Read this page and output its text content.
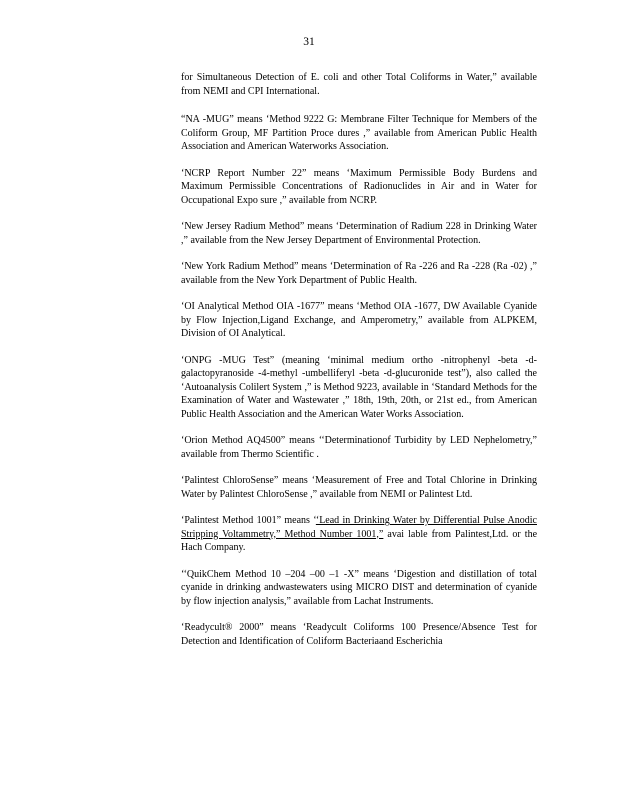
31

for Simultaneous Detection of E. coli and other Total Coliforms in Water,” available from NEMI and CPI International.

“NA -MUG” means ‘Method 9222 G: Membrane Filter Technique for Members of the Coliform Group, MF Partition Proce dures ,” available from American Public Health Association and American Waterworks Association.

‘NCRP Report Number 22” means ‘Maximum Permissible Body Burdens and Maximum Permissible Concentrations of Radionuclides in Air and in Water for Occupational Expo sure ,” available from NCRP.

‘New Jersey Radium Method” means ‘Determination of Radium 228 in Drinking Water ,” available from the New Jersey Department of Environmental Protection.

‘New York Radium Method” means ‘Determination of Ra -226 and Ra -228 (Ra -02) ,” available from the New York Department of Public Health.

‘OI Analytical Method OIA -1677” means ‘Method OIA -1677, DW Available Cyanide by Flow Injection,Ligand Exchange, and Amperometry,” available from ALPKEM, Division of OI Analytical.

‘ONPG -MUG Test” (meaning ‘minimal medium ortho -nitrophenyl -beta -d-galactopyranoside -4-methyl -umbelliferyl -beta -d-glucuronide test”), also called the ‘Autoanalysis Colilert System ,” is Method 9223, available in ‘Standard Methods for the Examination of Water and Wastewater ,” 18th, 19th, 20th, or 21st ed., from American Public Health Association and the American Water Works Association.

‘Orion Method AQ4500” means ‘‘Determinationof Turbidity by LED Nephelometry,” available from Thermo Scientific .

‘Palintest ChloroSense” means ‘Measurement of Free and Total Chlorine in Drinking Water by Palintest ChloroSense ,” available from NEMI or Palintest Ltd.

‘Palintest Method 1001” means ‘‘Lead in Drinking Water by Differential Pulse Anodic Stripping Voltammetry,” Method Number 1001,” avai lable from Palintest,Ltd. or the Hach Company.

‘‘QuikChem Method 10 –204 –00 –1 -X” means ‘Digestion and distillation of total cyanide in drinking andwastewaters using MICRO DIST and determination of cyanide by flow injection analysis,” available from Lachat Instruments.

‘Readycult® 2000” means ‘Readycult Coliforms 100 Presence/Absence Test for Detection and Identification of Coliform Bacteriaand Escherichia
